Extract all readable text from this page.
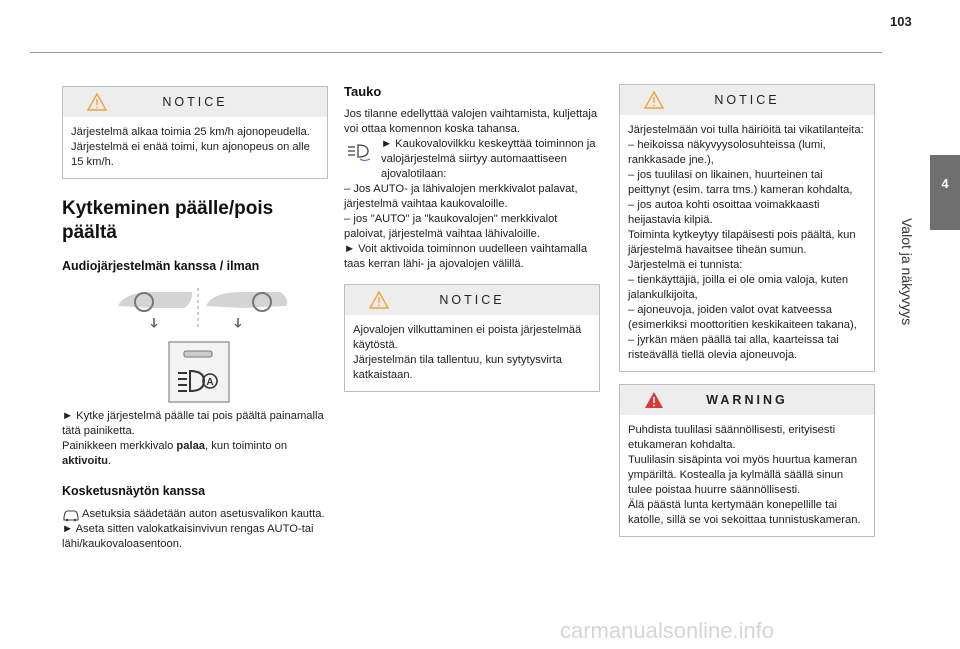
103
4
Valot ja näkyvyys
NOTICE
Järjestelmä alkaa toimia 25 km/h ajonopeudella.
Järjestelmä ei enää toimi, kun ajonopeus on alle 15 km/h.
Kytkeminen päälle/pois
päältä
Audiojärjestelmän kanssa / ilman
A

► Kytke järjestelmä päälle tai pois päältä painamalla tätä painiketta.
Painikkeen merkkivalo palaa, kun toiminto on aktivoitu.

Kosketusnäytön kanssa

Asetuksia säädetään auton asetusvalikon kautta.

► Aseta sitten valokatkaisinvivun rengas AUTO-tai lähi/kaukovaloasentoon.

Tauko

Jos tilanne edellyttää valojen vaihtamista, kuljettaja voi ottaa komennon koska tahansa.

► Kaukovalovilkku keskeyttää toiminnon ja valojärjestelmä siirtyy automaattiseen ajovalotilaan:

– Jos AUTO- ja lähivalojen merkkivalot palavat, järjestelmä vaihtaa kaukovaloille.
– jos "AUTO" ja "kaukovalojen" merkkivalot paloivat, järjestelmä vaihtaa lähivaloille.
► Voit aktivoida toiminnon uudelleen vaihtamalla taas kerran lähi- ja ajovalojen välillä.

NOTICE
Ajovalojen vilkuttaminen ei poista järjestelmää käytöstä.
Järjestelmän tila tallentuu, kun sytytysvirta katkaistaan.
NOTICE
Järjestelmään voi tulla häiriöitä tai vikatilanteita:
– heikoissa näkyvyysolosuhteissa (lumi, rankkasade jne.),
– jos tuulilasi on likainen, huurteinen tai peittynyt (esim. tarra tms.) kameran kohdalta,
– jos autoa kohti osoittaa voimakkaasti heijastavia kilpiä.
Toiminta kytkeytyy tilapäisesti pois päältä, kun järjestelmä havaitsee tiheän sumun.
Järjestelmä ei tunnista:
– tienkäyttäjiä, joilla ei ole omia valoja, kuten jalankulkijoita,
– ajoneuvoja, joiden valot ovat katveessa (esimerkiksi moottoritien keskikaiteen takana),
– jyrkän mäen päällä tai alla, kaarteissa tai risteävällä tiellä olevia ajoneuvoja.
WARNING
Puhdista tuulilasi säännöllisesti, erityisesti etukameran kohdalta.
Tuulilasin sisäpinta voi myös huurtua kameran ympäriltä. Kostealla ja kylmällä säällä sinun tulee poistaa huurre säännöllisesti.
Älä päästä lunta kertymään konepellille tai katolle, sillä se voi sekoittaa tunnistuskameran.
carmanualsonline.info
